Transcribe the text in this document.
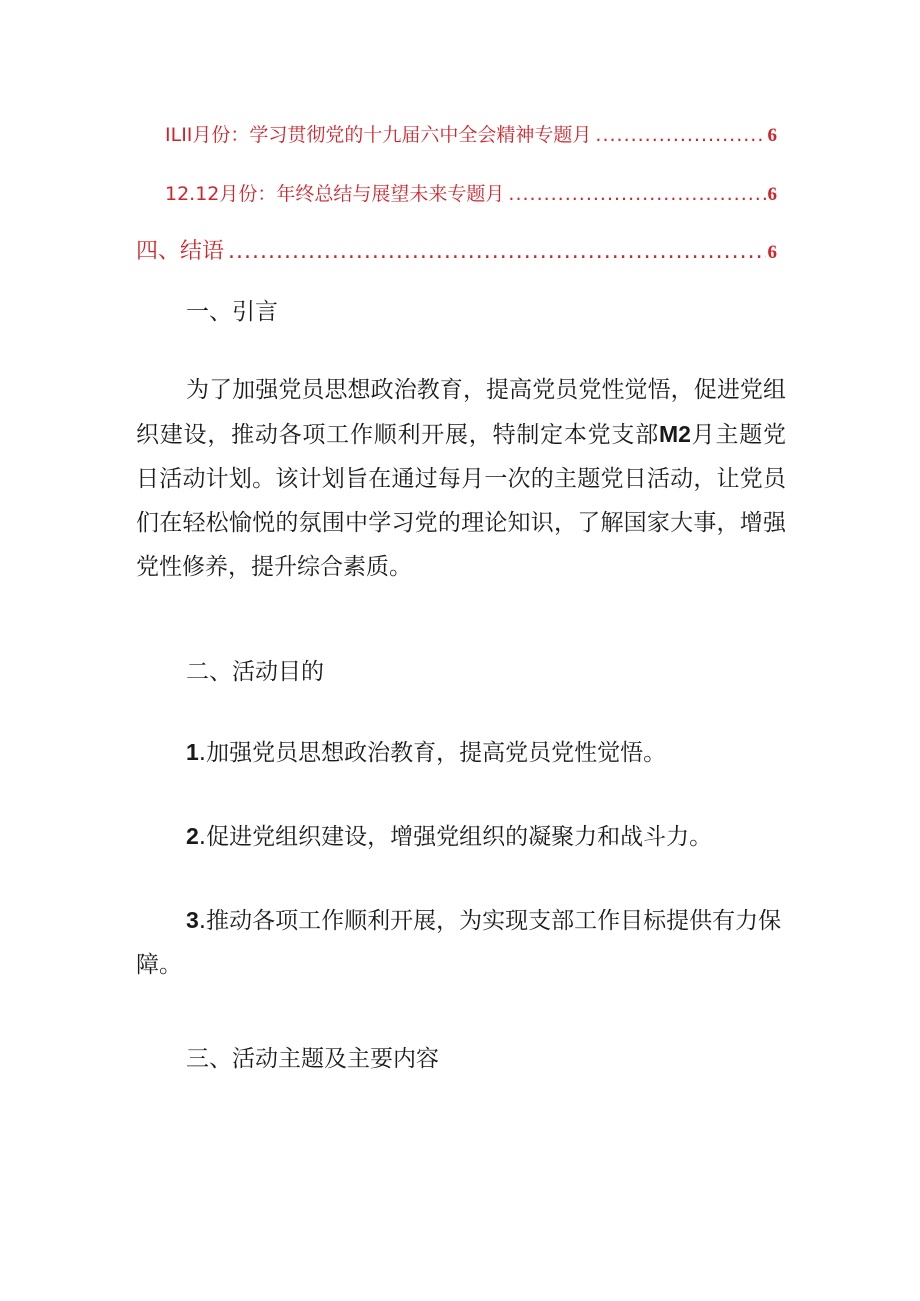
ILII月份：学习贯彻党的十九届六中全会精神专题月 .....	6
12.12月份：年终总结与展望未来专题月 .....	6
四、结语 .....	6
一、引言
为了加强党员思想政治教育，提高党员党性觉悟，促进党组织建设，推动各项工作顺利开展，特制定本党支部M2月主题党日活动计划。该计划旨在通过每月一次的主题党日活动，让党员们在轻松愉悦的氛围中学习党的理论知识，了解国家大事，增强党性修养，提升综合素质。
二、活动目的
1.加强党员思想政治教育，提高党员党性觉悟。
2.促进党组织建设，增强党组织的凝聚力和战斗力。
3.推动各项工作顺利开展，为实现支部工作目标提供有力保障。
三、活动主题及主要内容
